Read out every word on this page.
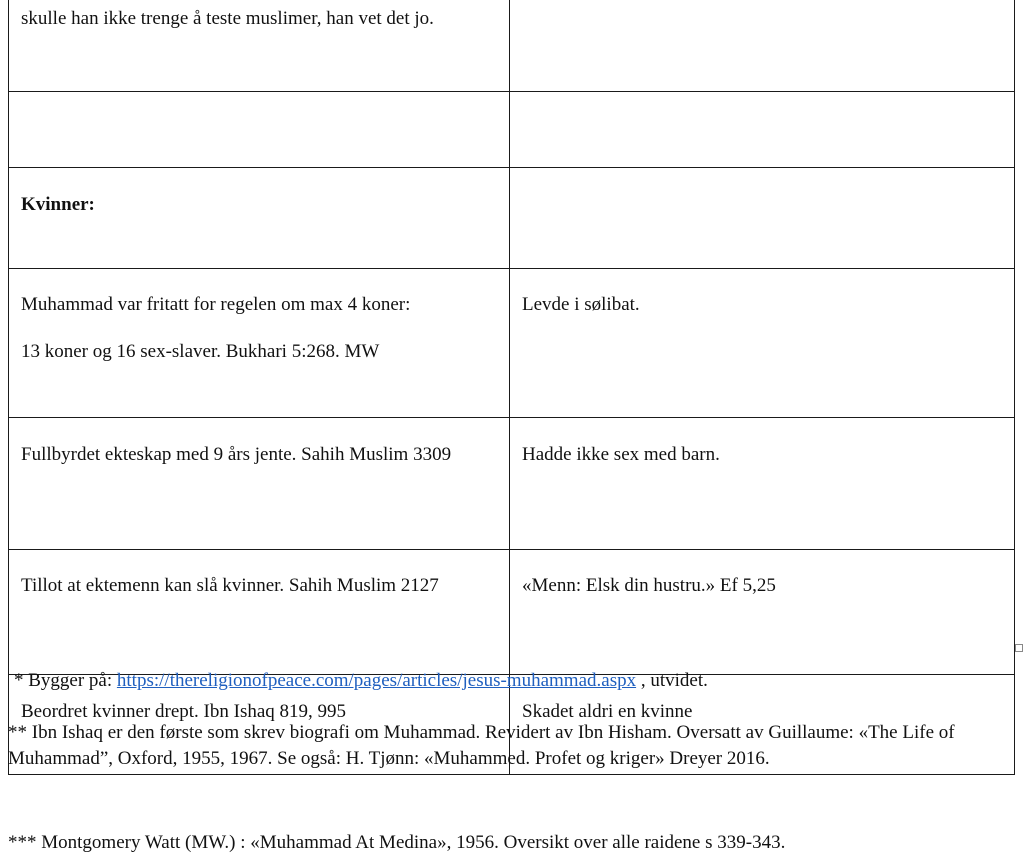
skulle han ikke trenge å teste muslimer, han vet det jo.	

Kvinner:	

Muhammad var fritatt for regelen om max 4 koner:

13 koner og 16 sex-slaver. Bukhari 5:268. MW	Levde i sølibat.

Fullbyrdet ekteskap med 9 års jente. Sahih Muslim 3309	Hadde ikke sex med barn.

Tillot at ektemenn kan slå kvinner. Sahih Muslim 2127	«Menn: Elsk din hustru.» Ef 5,25

Beordret kvinner drept. Ibn Ishaq 819, 995	Skadet aldri en kvinne

* Bygger på: https://thereligionofpeace.com/pages/articles/jesus-muhammad.aspx , utvidet.

** Ibn Ishaq er den første som skrev biografi om Muhammad. Revidert av Ibn Hisham. Oversatt av Guillaume: «The Life of Muhammad”, Oxford, 1955, 1967. Se også: H. Tjønn: «Muhammed. Profet og kriger» Dreyer 2016.

*** Montgomery Watt (MW.) : «Muhammad At Medina», 1956. Oversikt over alle raidene s 339-343.
